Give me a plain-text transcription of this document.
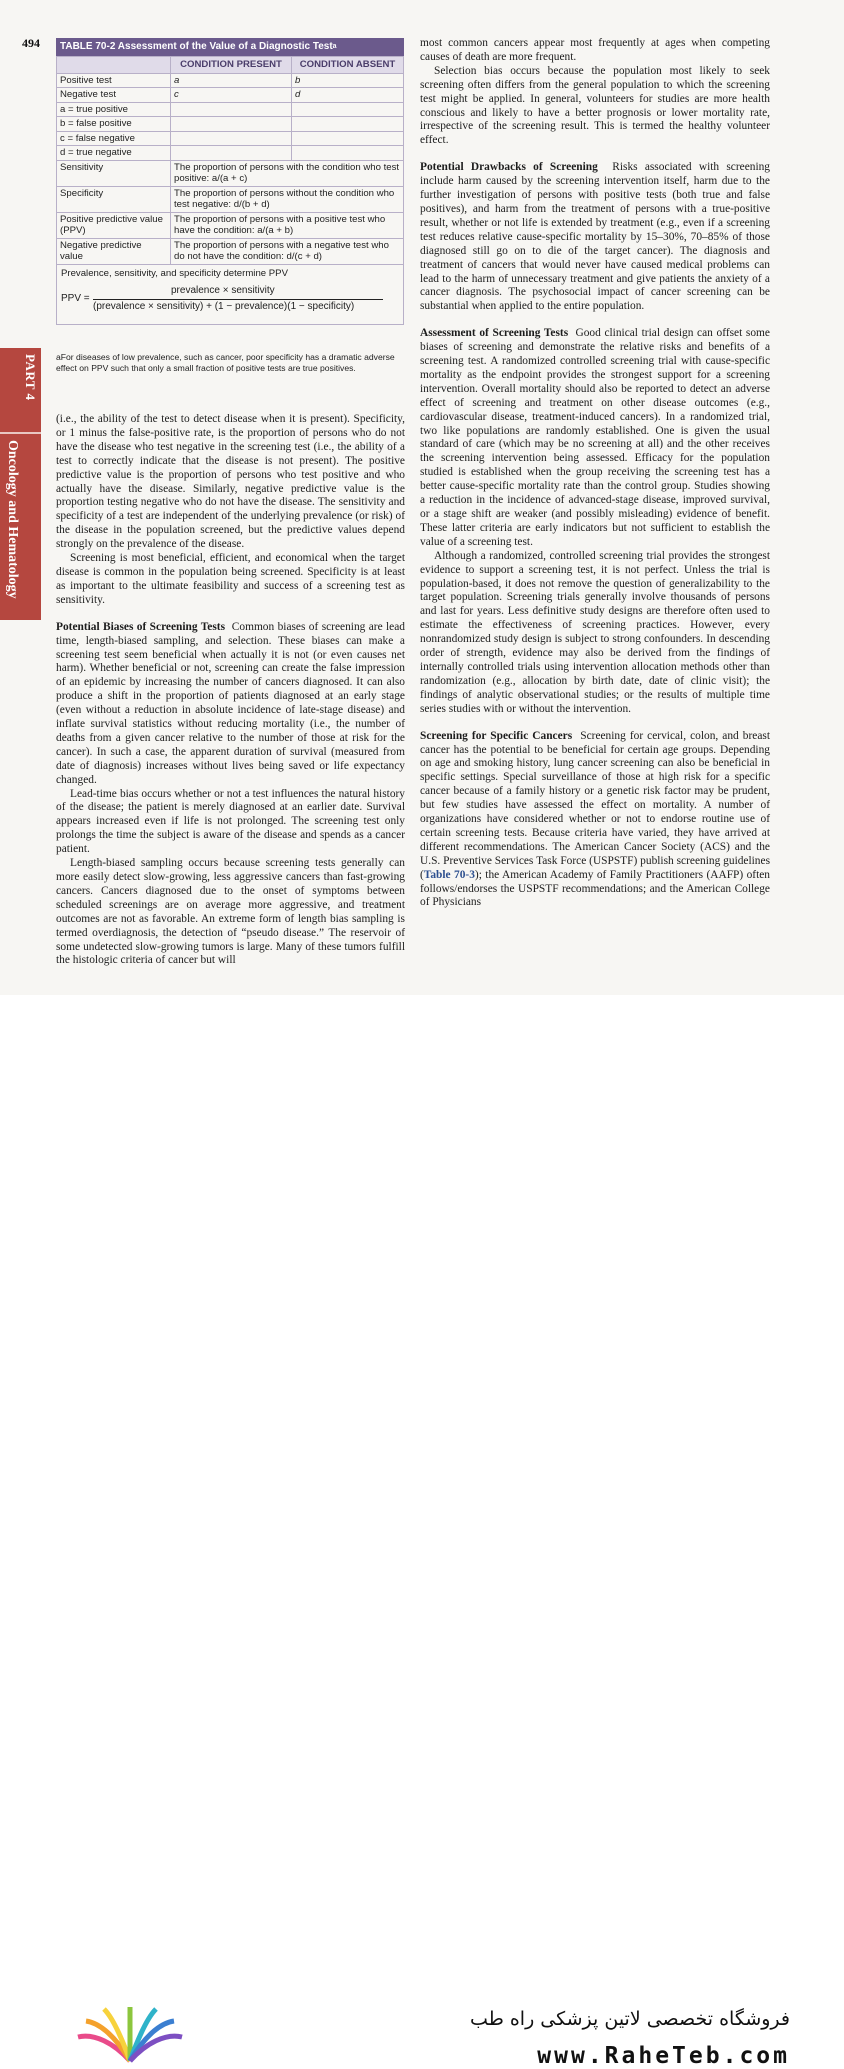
494
PART 4
Oncology and Hematology
TABLE 70-2 Assessment of the Value of a Diagnostic Test$^a$
	CONDITION PRESENT	CONDITION ABSENT
Positive test	a	b
Negative test	c	d
a = true positive		
b = false positive		
c = false negative		
d = true negative		
Sensitivity	The proportion of persons with the condition who test positive: a/(a + c)	
Specificity	The proportion of persons without the condition who test negative: d/(b + d)	
Positive predictive value (PPV)	The proportion of persons with a positive test who have the condition: a/(a + b)	
Negative predictive value	The proportion of persons with a negative test who do not have the condition: d/(c + d)	
Prevalence, sensitivity, and specificity determine PPV
PPV =
prevalence × sensitivity
(prevalence × sensitivity) + (1 − prevalence)(1 − specificity)
aFor diseases of low prevalence, such as cancer, poor specificity has a dramatic adverse effect on PPV such that only a small fraction of positive tests are true positives.

(i.e., the ability of the test to detect disease when it is present). Specificity, or 1 minus the false-positive rate, is the proportion of persons who do not have the disease who test negative in the screening test (i.e., the ability of a test to correctly indicate that the disease is not present). The positive predictive value is the proportion of persons who test positive and who actually have the disease. Similarly, negative predictive value is the proportion testing negative who do not have the disease. The sensitivity and specificity of a test are independent of the underlying prevalence (or risk) of the disease in the population screened, but the predictive values depend strongly on the prevalence of the disease.

Screening is most beneficial, efficient, and economical when the target disease is common in the population being screened. Specificity is at least as important to the ultimate feasibility and success of a screening test as sensitivity.

Potential Biases of Screening Tests Common biases of screening are lead time, length-biased sampling, and selection. These biases can make a screening test seem beneficial when actually it is not (or even causes net harm). Whether beneficial or not, screening can create the false impression of an epidemic by increasing the number of cancers diagnosed. It can also produce a shift in the proportion of patients diagnosed at an early stage (even without a reduction in absolute incidence of late-stage disease) and inflate survival statistics without reducing mortality (i.e., the number of deaths from a given cancer relative to the number of those at risk for the cancer). In such a case, the apparent duration of survival (measured from date of diagnosis) increases without lives being saved or life expectancy changed.

Lead-time bias occurs whether or not a test influences the natural history of the disease; the patient is merely diagnosed at an earlier date. Survival appears increased even if life is not prolonged. The screening test only prolongs the time the subject is aware of the disease and spends as a cancer patient.

Length-biased sampling occurs because screening tests generally can more easily detect slow-growing, less aggressive cancers than fast-growing cancers. Cancers diagnosed due to the onset of symptoms between scheduled screenings are on average more aggressive, and treatment outcomes are not as favorable. An extreme form of length bias sampling is termed overdiagnosis, the detection of “pseudo disease.” The reservoir of some undetected slow-growing tumors is large. Many of these tumors fulfill the histologic criteria of cancer but will

most common cancers appear most frequently at ages when competing causes of death are more frequent.

Selection bias occurs because the population most likely to seek screening often differs from the general population to which the screening test might be applied. In general, volunteers for studies are more health conscious and likely to have a better prognosis or lower mortality rate, irrespective of the screening result. This is termed the healthy volunteer effect.

Potential Drawbacks of Screening Risks associated with screening include harm caused by the screening intervention itself, harm due to the further investigation of persons with positive tests (both true and false positives), and harm from the treatment of persons with a true-positive result, whether or not life is extended by treatment (e.g., even if a screening test reduces relative cause-specific mortality by 15–30%, 70–85% of those diagnosed still go on to die of the target cancer). The diagnosis and treatment of cancers that would never have caused medical problems can lead to the harm of unnecessary treatment and give patients the anxiety of a cancer diagnosis. The psychosocial impact of cancer screening can be substantial when applied to the entire population.

Assessment of Screening Tests Good clinical trial design can offset some biases of screening and demonstrate the relative risks and benefits of a screening test. A randomized controlled screening trial with cause-specific mortality as the endpoint provides the strongest support for a screening intervention. Overall mortality should also be reported to detect an adverse effect of screening and treatment on other disease outcomes (e.g., cardiovascular disease, treatment-induced cancers). In a randomized trial, two like populations are randomly established. One is given the usual standard of care (which may be no screening at all) and the other receives the screening intervention being assessed. Efficacy for the population studied is established when the group receiving the screening test has a better cause-specific mortality rate than the control group. Studies showing a reduction in the incidence of advanced-stage disease, improved survival, or a stage shift are weaker (and possibly misleading) evidence of benefit. These latter criteria are early indicators but not sufficient to establish the value of a screening test.

Although a randomized, controlled screening trial provides the strongest evidence to support a screening test, it is not perfect. Unless the trial is population-based, it does not remove the question of generalizability to the target population. Screening trials generally involve thousands of persons and last for years. Less definitive study designs are therefore often used to estimate the effectiveness of screening practices. However, every nonrandomized study design is subject to strong confounders. In descending order of strength, evidence may also be derived from the findings of internally controlled trials using intervention allocation methods other than randomization (e.g., allocation by birth date, date of clinic visit); the findings of analytic observational studies; or the results of multiple time series studies with or without the intervention.

Screening for Specific Cancers Screening for cervical, colon, and breast cancer has the potential to be beneficial for certain age groups. Depending on age and smoking history, lung cancer screening can also be beneficial in specific settings. Special surveillance of those at high risk for a specific cancer because of a family history or a genetic risk factor may be prudent, but few studies have assessed the effect on mortality. A number of organizations have considered whether or not to endorse routine use of certain screening tests. Because criteria have varied, they have arrived at different recommendations. The American Cancer Society (ACS) and the U.S. Preventive Services Task Force (USPSTF) publish screening guidelines (Table 70-3); the American Academy of Family Practitioners (AAFP) often follows/endorses the USPSTF recommendations; and the American College of Physicians

فروشگاه تخصصی لاتین پزشکی راه طب
www.RaheTeb.com
